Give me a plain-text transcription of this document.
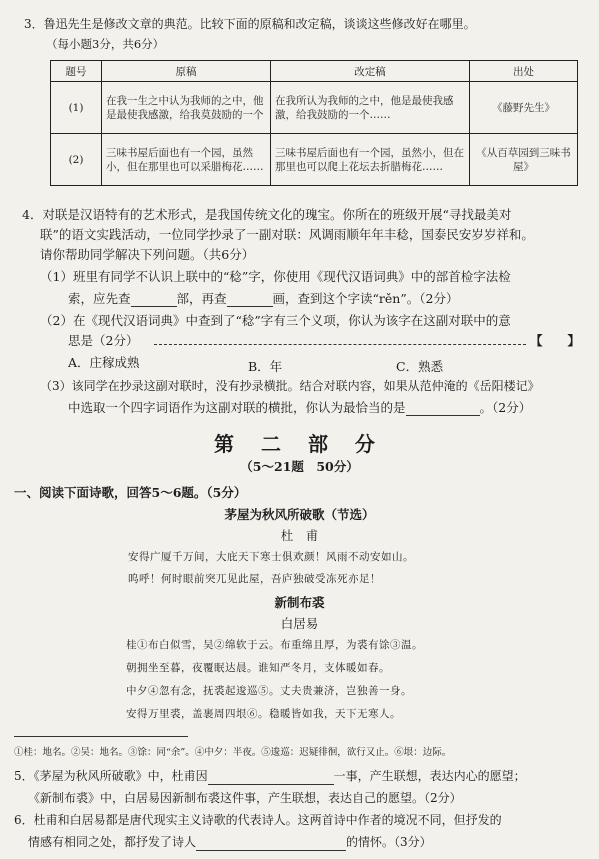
3．鲁迅先生是修改文章的典范。比较下面的原稿和改定稿，谈谈这些修改好在哪里。
（每小题3分，共6分）
题号	原稿	改定稿	出处
(1)	在我一生之中认为我师的之中，他是最使我感激，给我莫鼓励的一个	在我所认为我师的之中，他是最使我感激，给我鼓励的一个……	《藤野先生》
(2)	三味书屋后面也有一个园，虽然小，但在那里也可以采腊梅花……	三味书屋后面也有一个园，虽然小，但在那里也可以爬上花坛去折腊梅花……	《从百草园到三味书屋》
4．对联是汉语特有的艺术形式，是我国传统文化的瑰宝。你所在的班级开展“寻找最美对
联”的语文实践活动，一位同学抄录了一副对联：风调雨顺年年丰稔，国泰民安岁岁祥和。
请你帮助同学解决下列问题。（共6分）
（1）班里有同学不认识上联中的“稔”字，你使用《现代汉语词典》中的部首检字法检
索，应先查	部，再查	画，查到这个字读“rěn”。（2分）
（2）在《现代汉语词典》中查到了“稔”字有三个义项，你认为该字在这副对联中的意
思是（2分）	【　　】
A．庄稼成熟	B．年	C．熟悉
（3）该同学在抄录这副对联时，没有抄录横批。结合对联内容，如果从范仲淹的《岳阳楼记》
中选取一个四字词语作为这副对联的横批，你认为最恰当的是	。（2分）
第 二 部 分
（5～21题　50分）
一、阅读下面诗歌，回答5～6题。（5分）
茅屋为秋风所破歌（节选）
杜　甫
安得广厦千万间，大庇天下寒士俱欢颜！风雨不动安如山。
呜呼！何时眼前突兀见此屋，吾庐独破受冻死亦足！
新制布裘
白居易
桂①布白似雪，吴②绵软于云。布重绵且厚，为裘有馀③温。
朝拥坐至暮，夜覆眠达晨。谁知严冬月，支体暖如春。
中夕④忽有念，抚裘起逡巡⑤。丈夫贵兼济，岂独善一身。
安得万里裘，盖裹周四垠⑥。稳暖皆如我，天下无寒人。
①桂：地名。②吴：地名。③馀：同“余”。④中夕：半夜。⑤逡巡：迟疑徘徊，欲行又止。⑥垠：边际。
5．《茅屋为秋风所破歌》中，杜甫因	一事，产生联想，表达内心的愿望；
《新制布裘》中，白居易因新制布裘这件事，产生联想，表达自己的愿望。（2分）
6．杜甫和白居易都是唐代现实主义诗歌的代表诗人。这两首诗中作者的境况不同，但抒发的
情感有相同之处，都抒发了诗人	的情怀。（3分）
